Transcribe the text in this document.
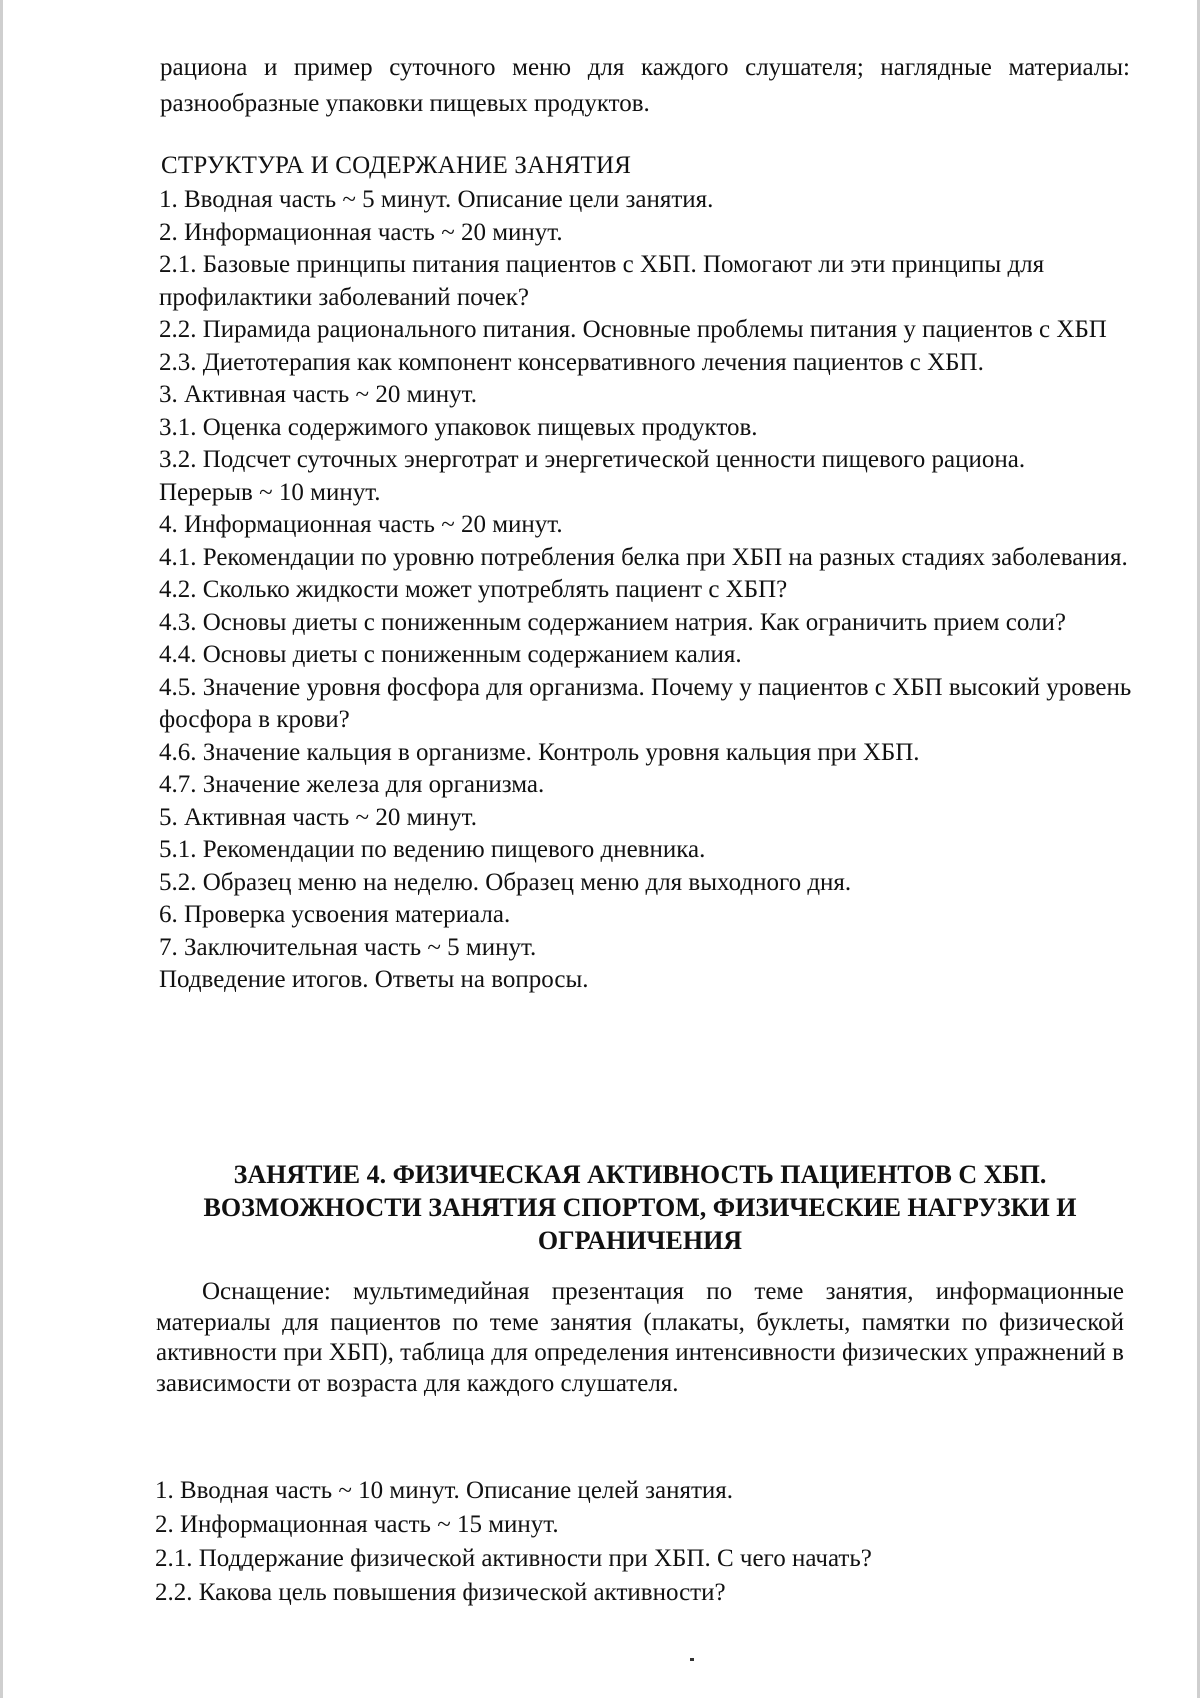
рациона и пример суточного меню для каждого слушателя; наглядные материалы: разнообразные упаковки пищевых продуктов.

СТРУКТУРА И СОДЕРЖАНИЕ ЗАНЯТИЯ
1. Вводная часть ~ 5 минут. Описание цели занятия.
2. Информационная часть ~ 20 минут.
2.1. Базовые принципы питания пациентов с ХБП. Помогают ли эти принципы для профилактики заболеваний почек?
2.2. Пирамида рационального питания. Основные проблемы питания у пациентов с ХБП
2.3. Диетотерапия как компонент консервативного лечения пациентов с ХБП.
3. Активная часть ~ 20 минут.
3.1. Оценка содержимого упаковок пищевых продуктов.
3.2. Подсчет суточных энерготрат и энергетической ценности пищевого рациона.
Перерыв ~ 10 минут.
4. Информационная часть ~ 20 минут.
4.1. Рекомендации по уровню потребления белка при ХБП на разных стадиях заболевания.
4.2. Сколько жидкости может употреблять пациент с ХБП?
4.3. Основы диеты с пониженным содержанием натрия. Как ограничить прием соли?
4.4. Основы диеты с пониженным содержанием калия.
4.5. Значение уровня фосфора для организма. Почему у пациентов с ХБП высокий уровень фосфора в крови?
4.6. Значение кальция в организме. Контроль уровня кальция при ХБП.
4.7. Значение железа для организма.
5. Активная часть ~ 20 минут.
5.1. Рекомендации по ведению пищевого дневника.
5.2. Образец меню на неделю. Образец меню для выходного дня.
6. Проверка усвоения материала.
7. Заключительная часть ~ 5 минут.
Подведение итогов. Ответы на вопросы.
ЗАНЯТИЕ 4. ФИЗИЧЕСКАЯ АКТИВНОСТЬ ПАЦИЕНТОВ С ХБП. ВОЗМОЖНОСТИ ЗАНЯТИЯ СПОРТОМ, ФИЗИЧЕСКИЕ НАГРУЗКИ И ОГРАНИЧЕНИЯ

Оснащение: мультимедийная презентация по теме занятия, информационные материалы для пациентов по теме занятия (плакаты, буклеты, памятки по физической активности при ХБП), таблица для определения интенсивности физических упражнений в зависимости от возраста для каждого слушателя.

1. Вводная часть ~ 10 минут. Описание целей занятия.
2. Информационная часть ~ 15 минут.
2.1. Поддержание физической активности при ХБП. С чего начать?
2.2. Какова цель повышения физической активности?
